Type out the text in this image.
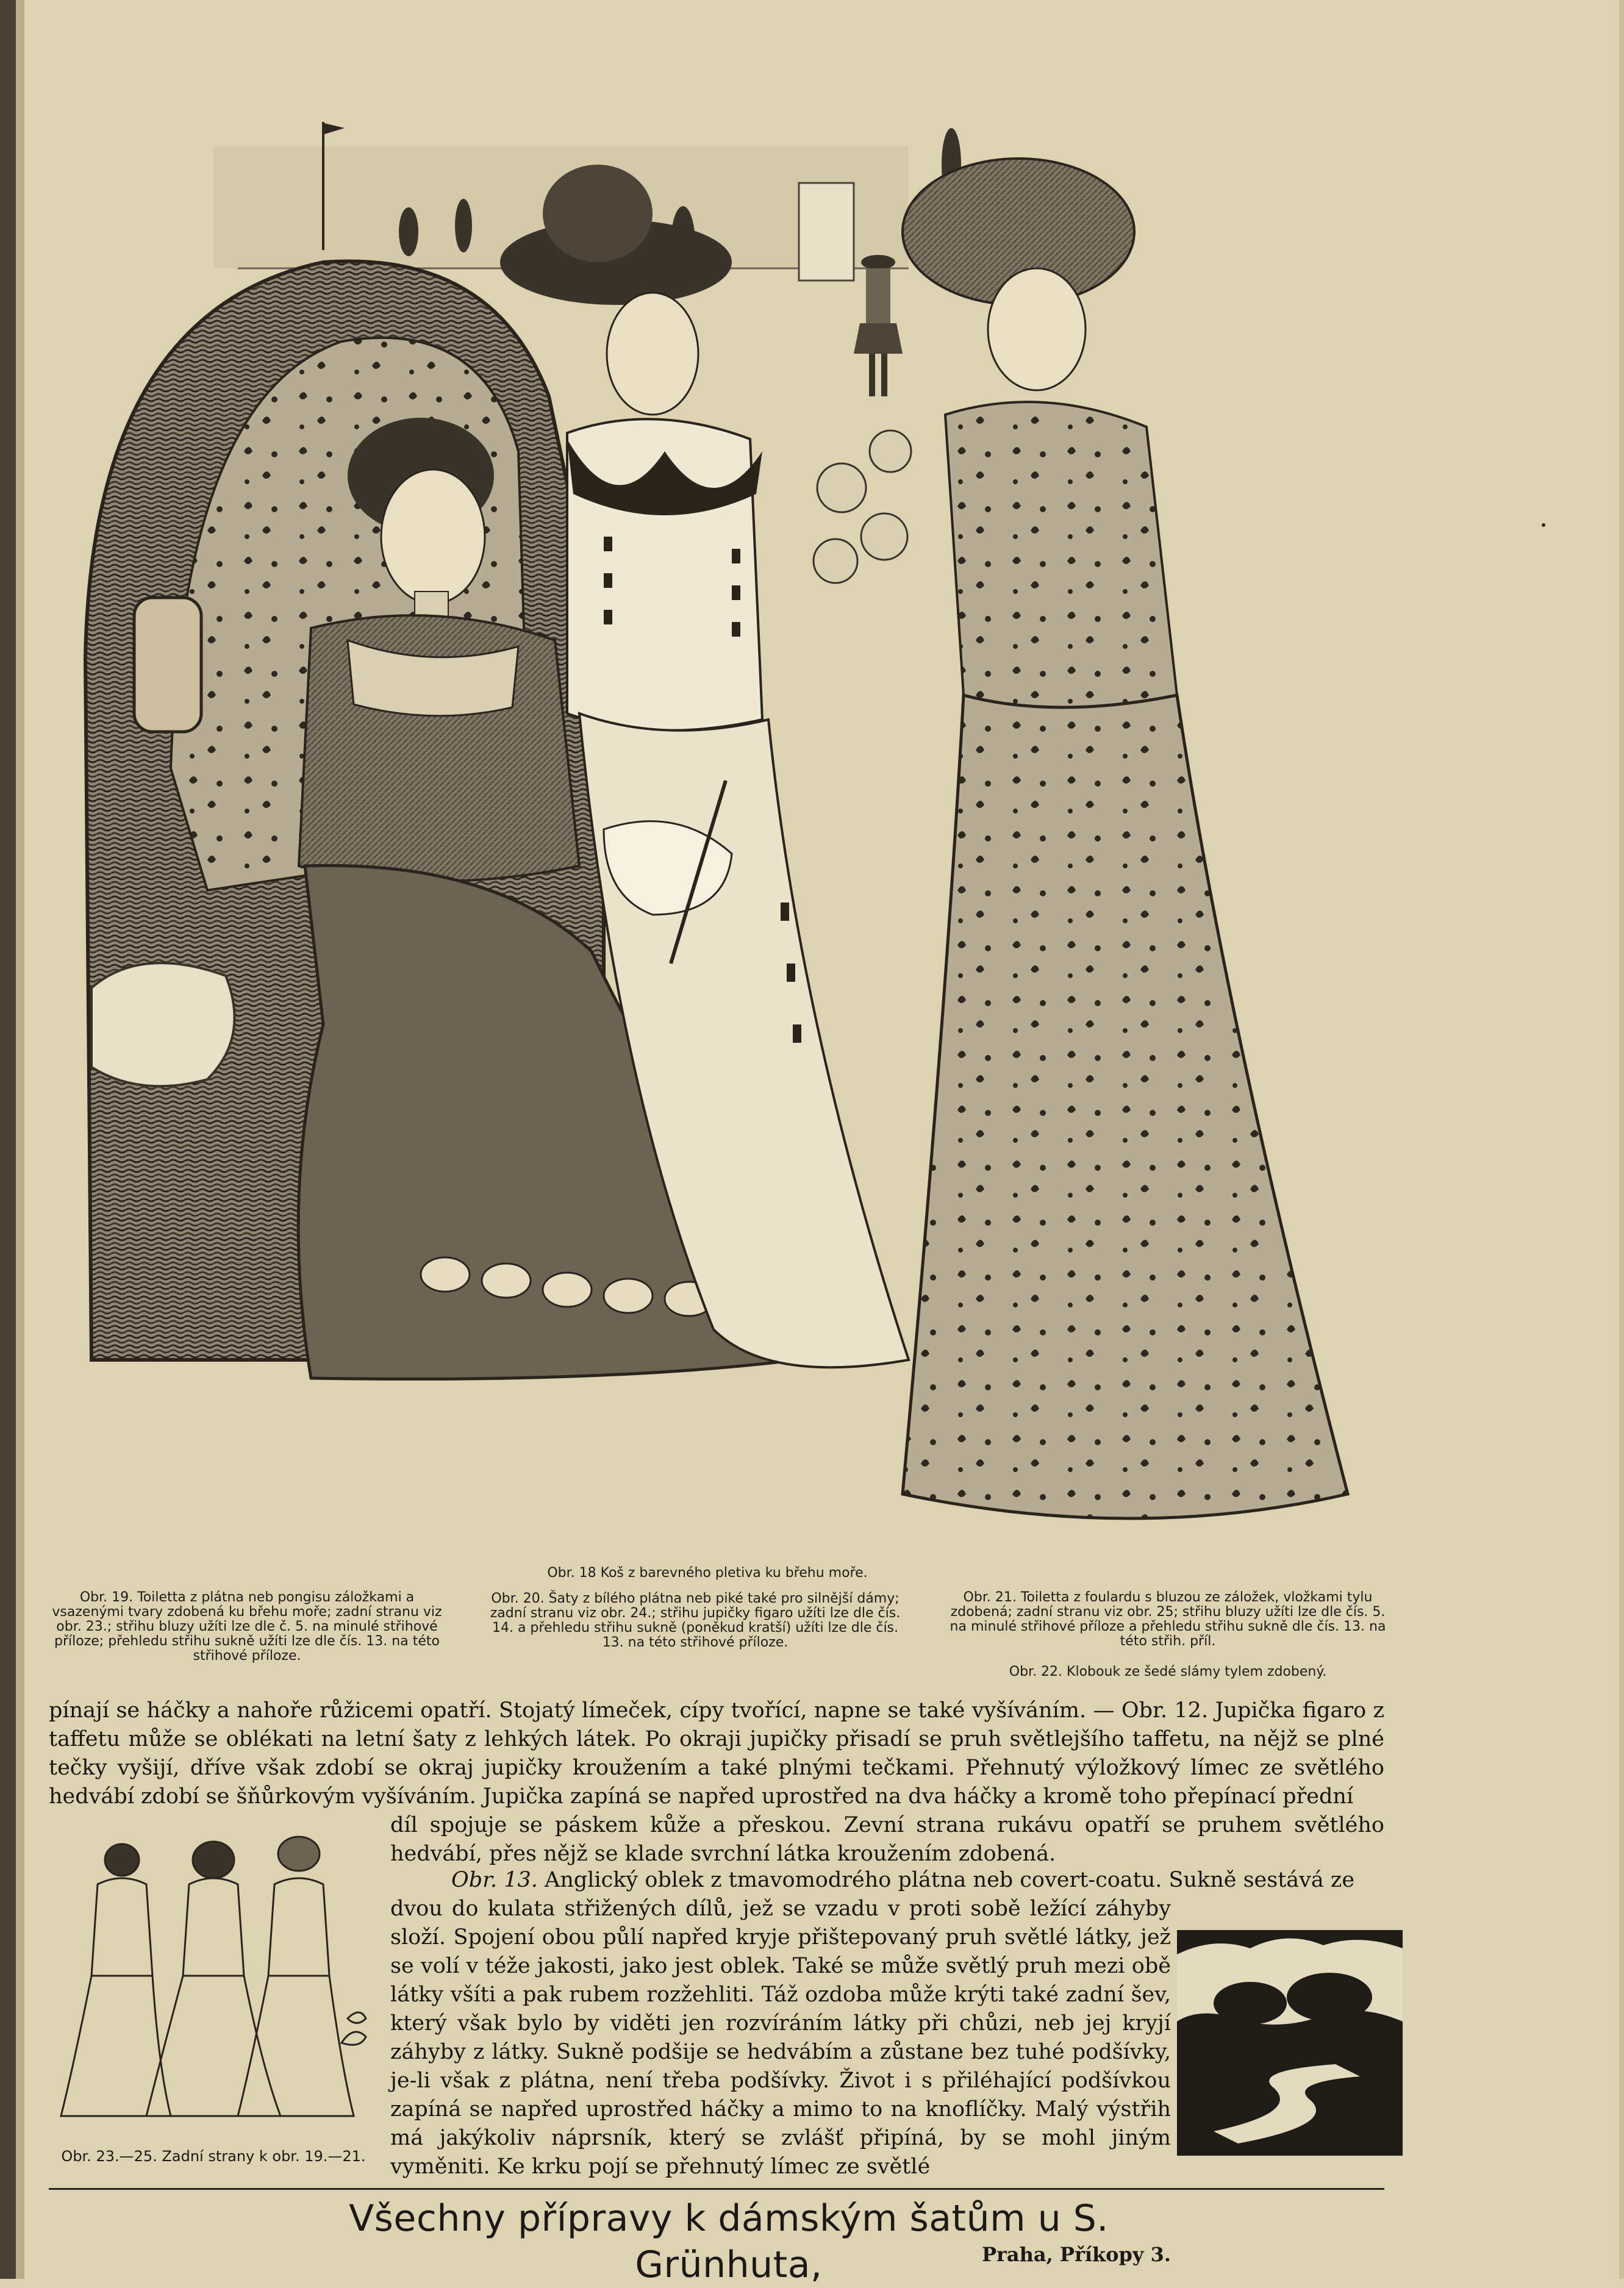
Obr. 19. Toiletta z plátna neb pongisu záložkami a vsazenými tvary zdobená ku břehu moře; zadní stranu viz obr. 23.; střihu bluzy užíti lze dle č. 5. na minulé střihové příloze; přehledu střihu sukně užíti lze dle čís. 13. na této střihové příloze.
Obr. 18 Koš z barevného pletiva ku břehu moře.
Obr. 20. Šaty z bílého plátna neb piké také pro silnější dámy; zadní stranu viz obr. 24.; střihu jupičky figaro užíti lze dle čís. 14. a přehledu střihu sukně (poněkud kratší) užíti lze dle čís. 13. na této střihové příloze.
Obr. 21. Toiletta z foulardu s bluzou ze záložek, vložkami tylu zdobená; zadní stranu viz obr. 25; střihu bluzy užíti lze dle čís. 5. na minulé střihové příloze a přehledu střihu sukně dle čís. 13. na této střih. příl.
Obr. 22. Klobouk ze šedé slámy tylem zdobený.

pínají se háčky a nahoře růžicemi opatří. Stojatý límeček, cípy tvořící, napne se také vyšíváním. — Obr. 12. Jupička figaro z taffetu může se oblékati na letní šaty z lehkých látek. Po okraji jupičky přisadí se pruh světlejšího taffetu, na nějž se plné tečky vyšijí, dříve však zdobí se okraj jupičky kroužením a také plnými tečkami. Přehnutý výložkový límec ze světlého hedvábí zdobí se šňůrkovým vyšíváním. Jupička zapíná se napřed uprostřed na dva háčky a kromě toho přepínací přední

díl spojuje se páskem kůže a přeskou. Zevní strana rukávu opatří se pruhem světlého hedvábí, přes nějž se klade svrchní látka kroužením zdobená.

Obr. 13. Anglický oblek z tmavomodrého plátna neb covert-coatu. Sukně sestává ze

dvou do kulata střižených dílů, jež se vzadu v proti sobě ležící záhyby složí. Spojení obou půlí napřed kryje přištepovaný pruh světlé látky, jež se volí v téže jakosti, jako jest oblek. Také se může světlý pruh mezi obě látky všíti a pak rubem rozžehliti. Táž ozdoba může krýti také zadní šev, který však bylo by viděti jen rozvíráním látky při chůzi, neb jej kryjí záhyby z látky. Sukně podšije se hedvábím a zůstane bez tuhé podšívky, je-li však z plátna, není třeba podšívky. Život i s přiléhající podšívkou zapíná se napřed uprostřed háčky a mimo to na knoflíčky. Malý výstřih má jakýkoliv náprsník, který se zvlášť připíná, by se mohl jiným vyměniti. Ke krku pojí se přehnutý límec ze světlé

Obr. 23.—25. Zadní strany k obr. 19.—21.
Všechny přípravy k dámským šatům u S. Grünhuta,	Praha, Příkopy 3.
